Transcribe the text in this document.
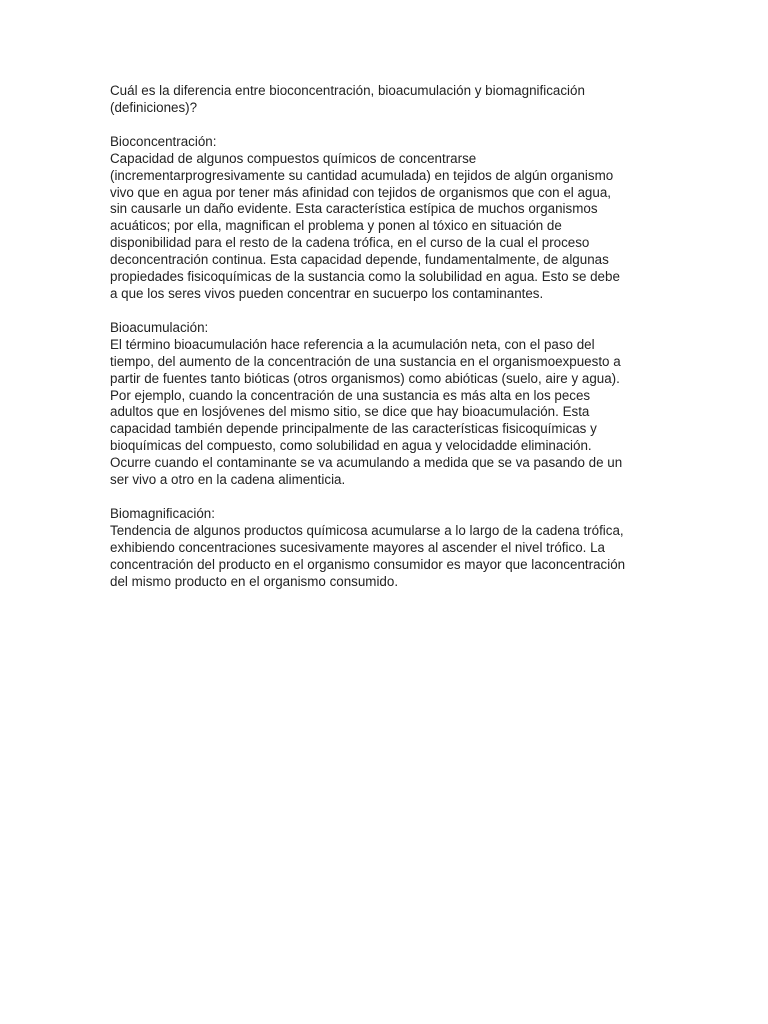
Cuál es la diferencia entre bioconcentración, bioacumulación y biomagnificación
(definiciones)?

Bioconcentración:
Capacidad de algunos compuestos químicos de concentrarse
(incrementarprogresivamente su cantidad acumulada) en tejidos de algún organismo
vivo que en agua por tener más afinidad con tejidos de organismos que con el agua,
sin causarle un daño evidente. Esta característica estípica de muchos organismos
acuáticos; por ella, magnifican el problema y ponen al tóxico en situación de
disponibilidad para el resto de la cadena trófica, en el curso de la cual el proceso
deconcentración continua. Esta capacidad depende, fundamentalmente, de algunas
propiedades fisicoquímicas de la sustancia como la solubilidad en agua. Esto se debe
a que los seres vivos pueden concentrar en sucuerpo los contaminantes.

Bioacumulación:
El término bioacumulación hace referencia a la acumulación neta, con el paso del
tiempo, del aumento de la concentración de una sustancia en el organismoexpuesto a
partir de fuentes tanto bióticas (otros organismos) como abióticas (suelo, aire y agua).
Por ejemplo, cuando la concentración de una sustancia es más alta en los peces
adultos que en losjóvenes del mismo sitio, se dice que hay bioacumulación. Esta
capacidad también depende principalmente de las características fisicoquímicas y
bioquímicas del compuesto, como solubilidad en agua y velocidadde eliminación.
Ocurre cuando el contaminante se va acumulando a medida que se va pasando de un
ser vivo a otro en la cadena alimenticia.

Biomagnificación:
Tendencia de algunos productos químicosa acumularse a lo largo de la cadena trófica,
exhibiendo concentraciones sucesivamente mayores al ascender el nivel trófico. La
concentración del producto en el organismo consumidor es mayor que laconcentración
del mismo producto en el organismo consumido.
